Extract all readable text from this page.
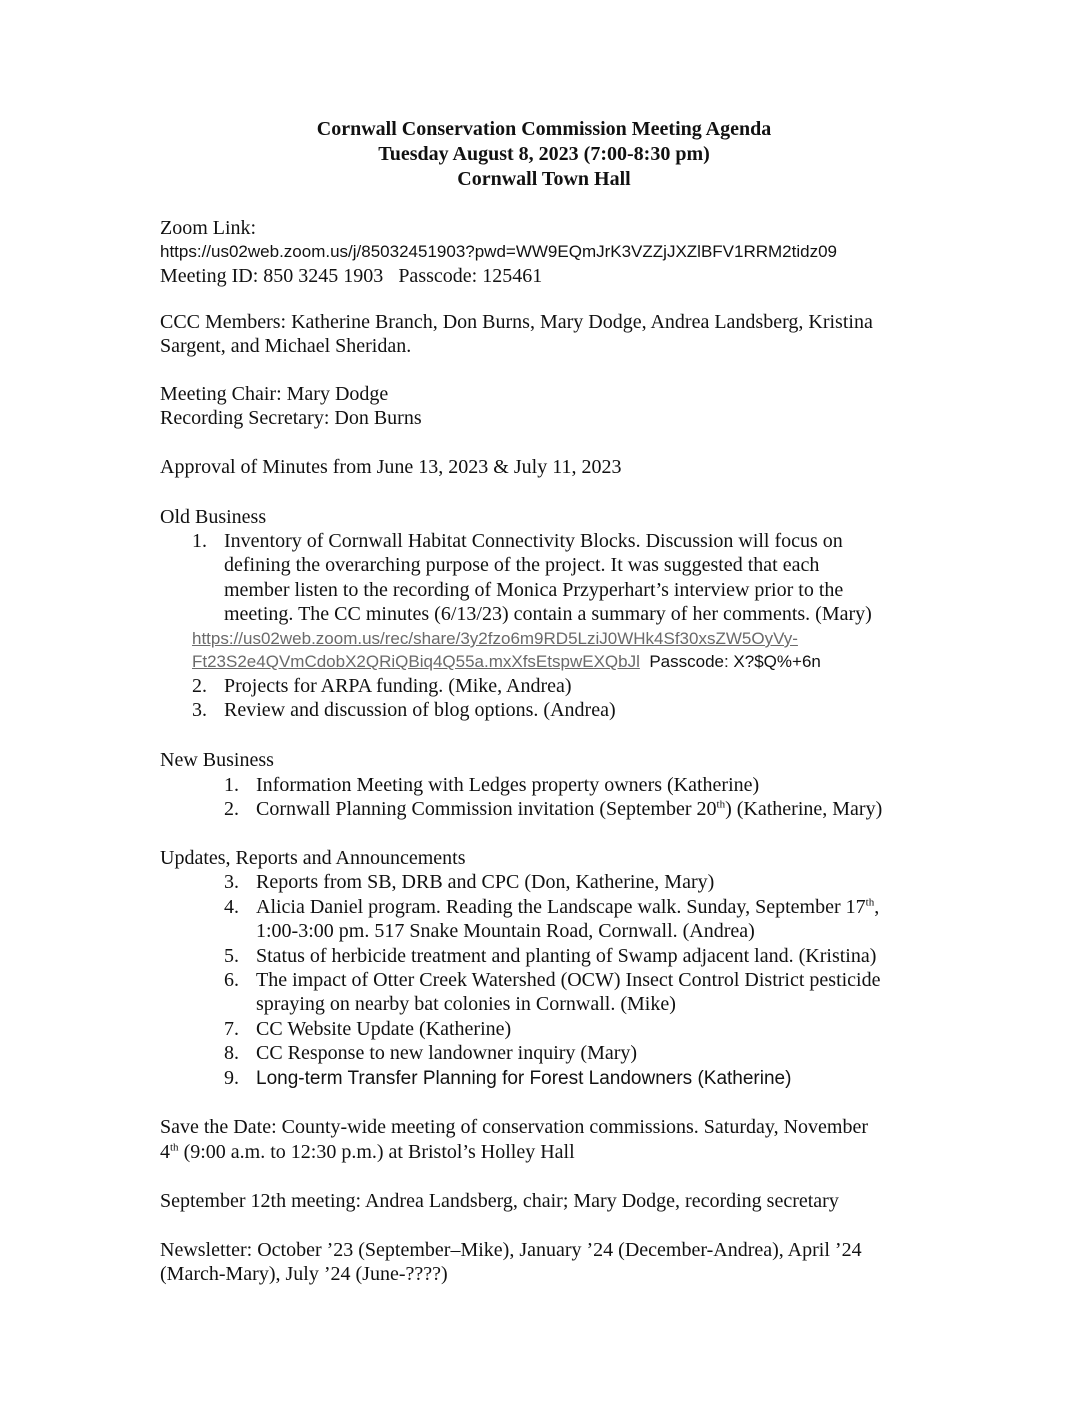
Cornwall Conservation Commission Meeting Agenda
Tuesday August 8, 2023 (7:00-8:30 pm)
Cornwall Town Hall
Zoom Link:
https://us02web.zoom.us/j/85032451903?pwd=WW9EQmJrK3VZZjJXZlBFV1RRM2tidz09
Meeting ID: 850 3245 1903 Passcode: 125461
CCC Members: Katherine Branch, Don Burns, Mary Dodge, Andrea Landsberg, Kristina
Sargent, and Michael Sheridan.
Meeting Chair: Mary Dodge
Recording Secretary: Don Burns
Approval of Minutes from June 13, 2023 & July 11, 2023
Old Business
1. Inventory of Cornwall Habitat Connectivity Blocks. Discussion will focus on
defining the overarching purpose of the project. It was suggested that each
member listen to the recording of Monica Przyperhart’s interview prior to the
meeting. The CC minutes (6/13/23) contain a summary of her comments. (Mary)
https://us02web.zoom.us/rec/share/3y2fzo6m9RD5LziJ0WHk4Sf30xsZW5OyVy-
Ft23S2e4QVmCdobX2QRiQBiq4Q55a.mxXfsEtspwEXQbJl Passcode: X?$Q%+6n
2. Projects for ARPA funding. (Mike, Andrea)
3. Review and discussion of blog options. (Andrea)
New Business
1. Information Meeting with Ledges property owners (Katherine)
2. Cornwall Planning Commission invitation (September 20th) (Katherine, Mary)
Updates, Reports and Announcements
3. Reports from SB, DRB and CPC (Don, Katherine, Mary)
4. Alicia Daniel program. Reading the Landscape walk. Sunday, September 17th,
1:00-3:00 pm. 517 Snake Mountain Road, Cornwall. (Andrea)
5. Status of herbicide treatment and planting of Swamp adjacent land. (Kristina)
6. The impact of Otter Creek Watershed (OCW) Insect Control District pesticide
spraying on nearby bat colonies in Cornwall. (Mike)
7. CC Website Update (Katherine)
8. CC Response to new landowner inquiry (Mary)
9. Long-term Transfer Planning for Forest Landowners (Katherine)
Save the Date: County-wide meeting of conservation commissions. Saturday, November
4th (9:00 a.m. to 12:30 p.m.) at Bristol’s Holley Hall
September 12th meeting: Andrea Landsberg, chair; Mary Dodge, recording secretary
Newsletter: October ’23 (September–Mike), January ’24 (December-Andrea), April ’24
(March-Mary), July ’24 (June-????)
